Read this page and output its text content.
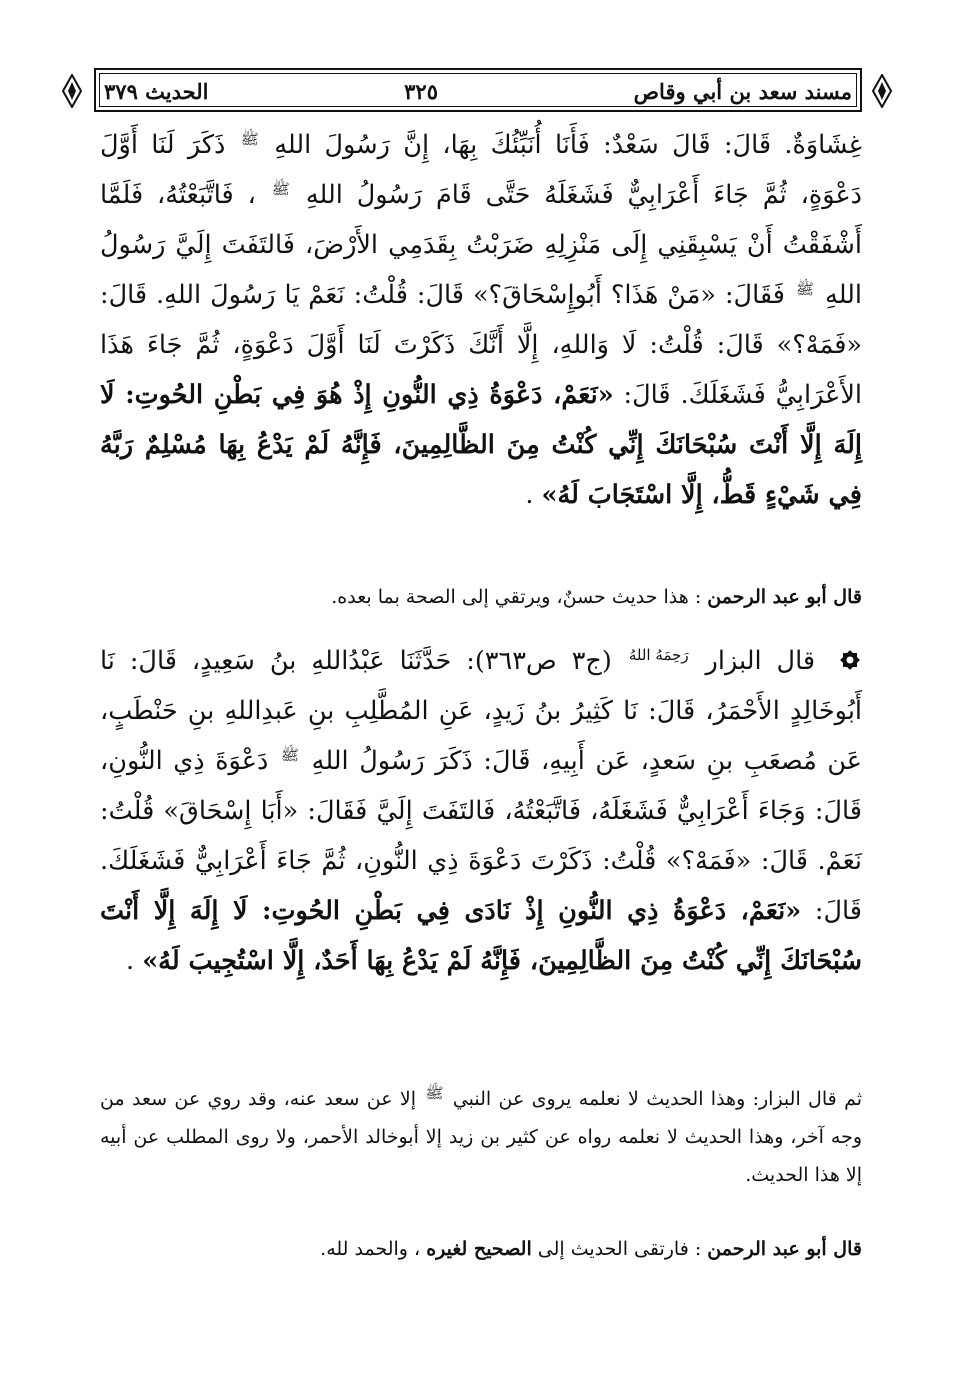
مسند سعد بن أبي وقاص
٣٢٥
الحديث ٣٧٩
غِشَاوَةٌ. قَالَ: قَالَ سَعْدٌ: فَأَنَا أُنَبِّئُكَ بِهَا، إِنَّ رَسُولَ اللهِ ﷺ ذَكَرَ لَنَا أَوَّلَ دَعْوَةٍ، ثُمَّ جَاءَ أَعْرَابِيٌّ فَشَغَلَهُ حَتَّى قَامَ رَسُولُ اللهِ ﷺ ، فَاتَّبَعْتُهُ، فَلَمَّا أَشْفَقْتُ أَنْ يَسْبِقَنِي إِلَى مَنْزِلِهِ ضَرَبْتُ بِقَدَمِي الأَرْضَ، فَالتَفَتَ إِلَيَّ رَسُولُ اللهِ ﷺ فَقَالَ: «مَنْ هَذَا؟ أَبُوإِسْحَاقَ؟» قَالَ: قُلْتُ: نَعَمْ يَا رَسُولَ اللهِ. قَالَ: «فَمَهْ؟» قَالَ: قُلْتُ: لَا وَاللهِ، إِلَّا أَنَّكَ ذَكَرْتَ لَنَا أَوَّلَ دَعْوَةٍ، ثُمَّ جَاءَ هَذَا الأَعْرَابِيُّ فَشَغَلَكَ. قَالَ: «نَعَمْ، دَعْوَةُ ذِي النُّونِ إِذْ هُوَ فِي بَطْنِ الحُوتِ: لَا إِلَهَ إِلَّا أَنْتَ سُبْحَانَكَ إِنِّي كُنْتُ مِنَ الظَّالِمِينَ، فَإِنَّهُ لَمْ يَدْعُ بِهَا مُسْلِمٌ رَبَّهُ فِي شَيْءٍ قَطُّ، إِلَّا اسْتَجَابَ لَهُ» .
قال أبو عبد الرحمن : هذا حديث حسنٌ، ويرتقي إلى الصحة بما بعده.
قال البزار رَحِمَهُ اللهُ (ج٣ ص٣٦٣): حَدَّثَنَا عَبْدُاللهِ بنُ سَعِيدٍ، قَالَ: نَا أَبُوخَالِدٍ الأَحْمَرُ، قَالَ: نَا كَثِيرُ بنُ زَيدٍ، عَنِ المُطَّلِبِ بنِ عَبدِاللهِ بنِ حَنْطَبٍ، عَن مُصعَبِ بنِ سَعدٍ، عَن أَبِيهِ، قَالَ: ذَكَرَ رَسُولُ اللهِ ﷺ دَعْوَةَ ذِي النُّونِ، قَالَ: وَجَاءَ أَعْرَابِيٌّ فَشَغَلَهُ، فَاتَّبَعْتُهُ، فَالتَفَتَ إِلَيَّ فَقَالَ: «أَبَا إِسْحَاقَ» قُلْتُ: نَعَمْ. قَالَ: «فَمَهْ؟» قُلْتُ: ذَكَرْتَ دَعْوَةَ ذِي النُّونِ، ثُمَّ جَاءَ أَعْرَابِيٌّ فَشَغَلَكَ. قَالَ: «نَعَمْ، دَعْوَةُ ذِي النُّونِ إِذْ نَادَى فِي بَطْنِ الحُوتِ: لَا إِلَهَ إِلَّا أَنْتَ سُبْحَانَكَ إِنِّي كُنْتُ مِنَ الظَّالِمِينَ، فَإِنَّهُ لَمْ يَدْعُ بِهَا أَحَدٌ، إِلَّا اسْتُجِيبَ لَهُ» .
ثم قال البزار: وهذا الحديث لا نعلمه يروى عن النبي ﷺ إلا عن سعد عنه، وقد روي عن سعد من وجه آخر، وهذا الحديث لا نعلمه رواه عن كثير بن زيد إلا أبوخالد الأحمر، ولا روى المطلب عن أبيه إلا هذا الحديث.
قال أبو عبد الرحمن : فارتقى الحديث إلى الصحيح لغيره ، والحمد لله.
